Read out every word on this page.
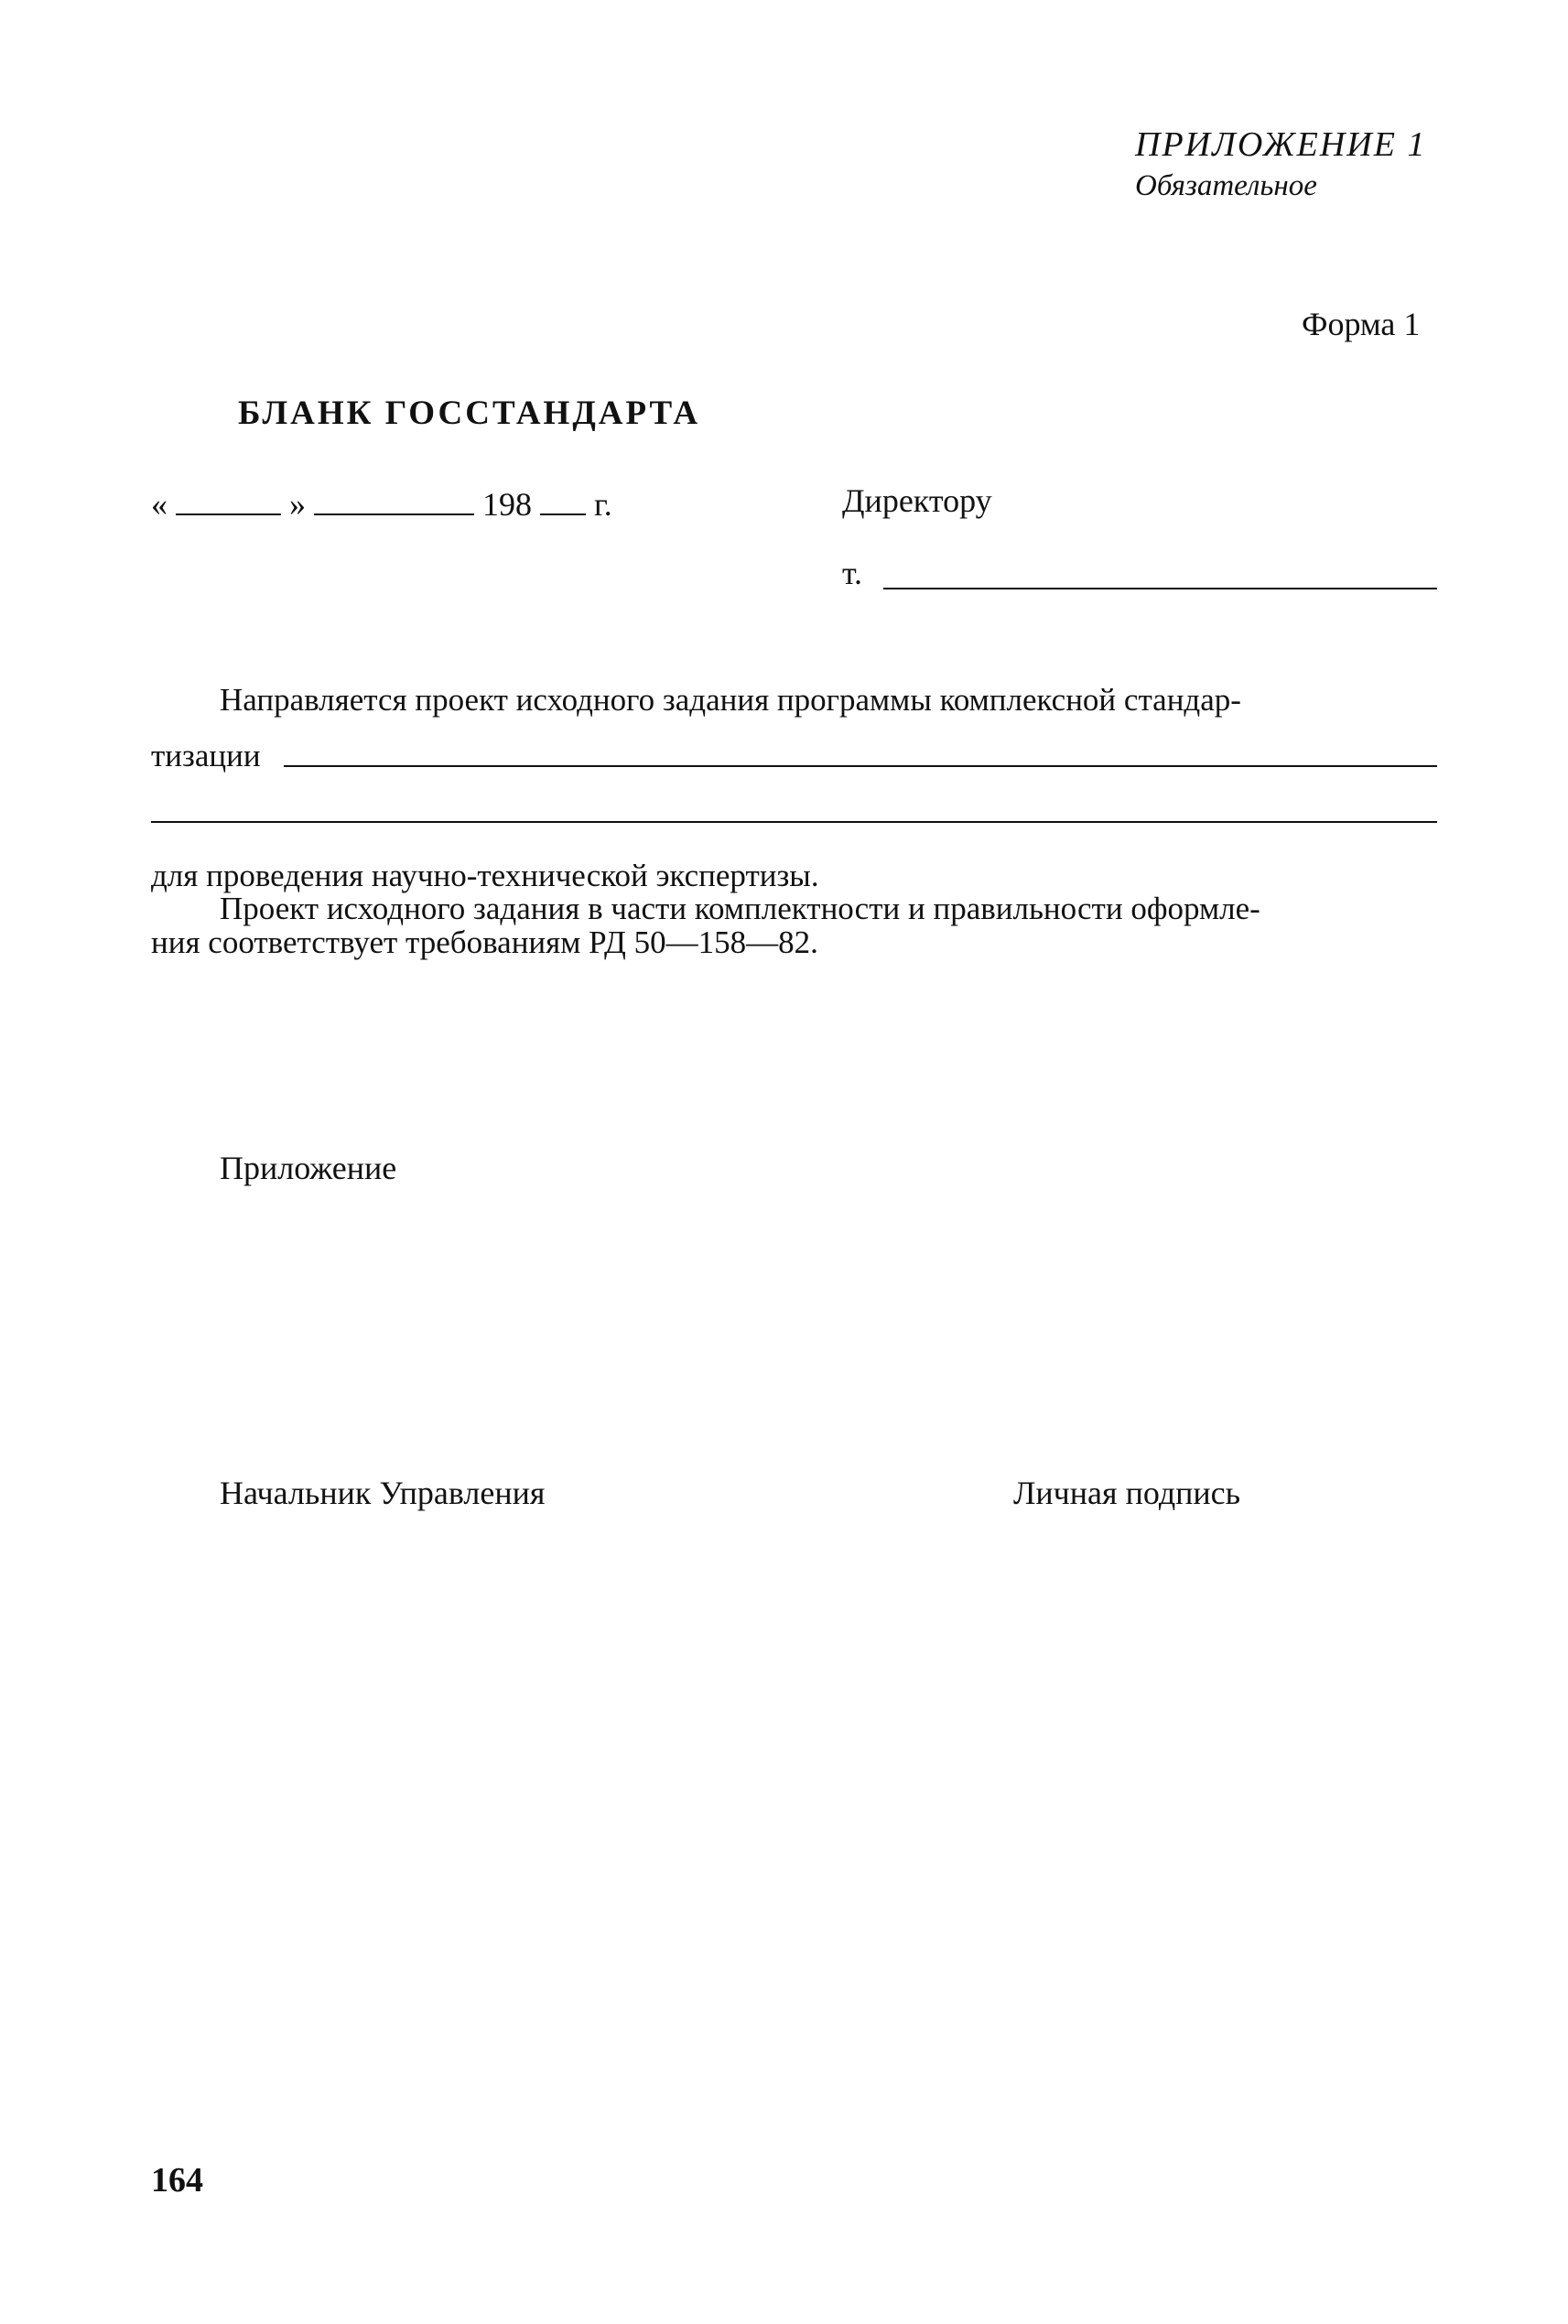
ПРИЛОЖЕНИЕ 1
Обязательное
Форма 1
БЛАНК ГОССТАНДАРТА
«	»	198 г.	Директору
т.
Направляется проект исходного задания программы комплексной стандар-
тизации
для проведения научно-технической экспертизы.
Проект исходного задания в части комплектности и правильности оформле-
ния соответствует требованиям РД 50—158—82.
Приложение
Начальник Управления	Личная подпись
164
